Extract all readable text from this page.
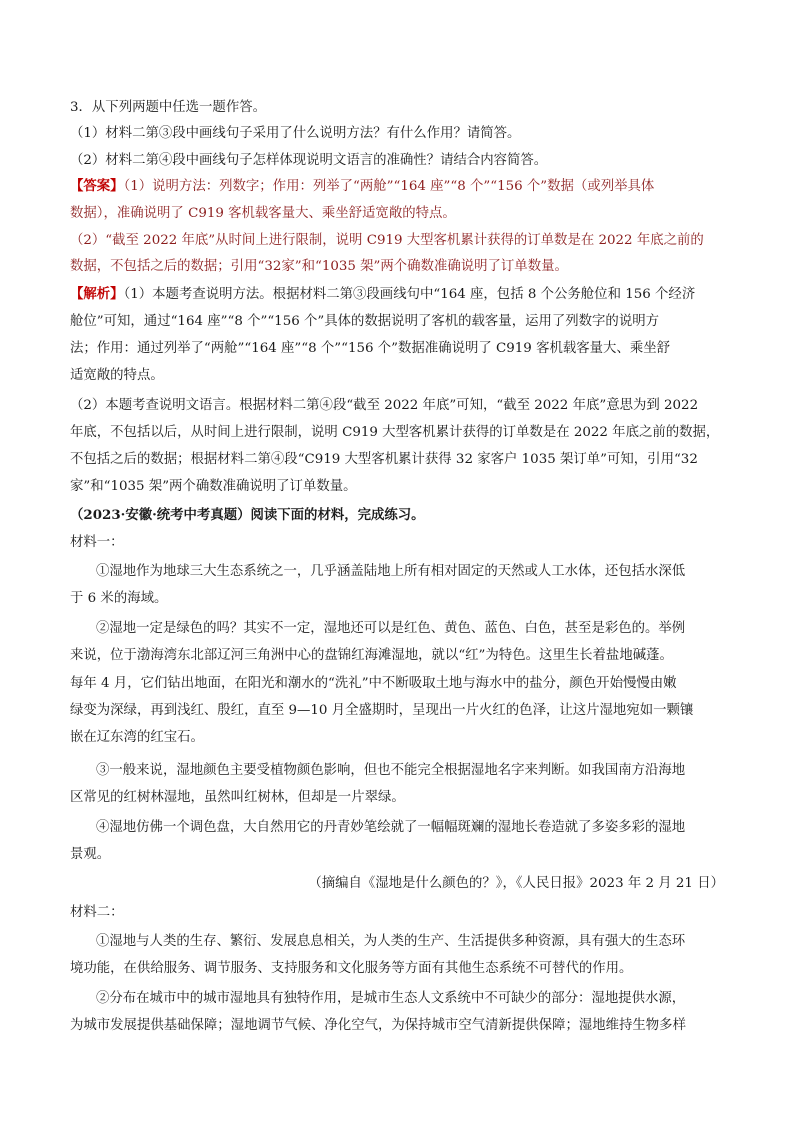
3．从下列两题中任选一题作答。

（1）材料二第③段中画线句子采用了什么说明方法？有什么作用？请简答。

（2）材料二第④段中画线句子怎样体现说明文语言的准确性？请结合内容简答。

【答案】（1）说明方法：列数字；作用：列举了“两舱”“164 座”“8 个”“156 个”数据（或列举具体

数据），准确说明了 C919 客机载客量大、乘坐舒适宽敞的特点。

（2）“截至 2022 年底”从时间上进行限制，说明 C919 大型客机累计获得的订单数是在 2022 年底之前的

数据，不包括之后的数据；引用“32家”和“1035 架”两个确数准确说明了订单数量。

【解析】（1）本题考查说明方法。根据材料二第③段画线句中“164 座，包括 8 个公务舱位和 156 个经济

舱位”可知，通过“164 座”“8 个”“156 个”具体的数据说明了客机的载客量，运用了列数字的说明方

法；作用：通过列举了“两舱”“164 座”“8 个”“156 个”数据准确说明了 C919 客机载客量大、乘坐舒

适宽敞的特点。

（2）本题考查说明文语言。根据材料二第④段“截至 2022 年底”可知，“截至 2022 年底”意思为到 2022

年底，不包括以后，从时间上进行限制，说明 C919 大型客机累计获得的订单数是在 2022 年底之前的数据，

不包括之后的数据；根据材料二第④段“C919 大型客机累计获得 32 家客户 1035 架订单”可知，引用“32

家”和“1035 架”两个确数准确说明了订单数量。

（2023·安徽·统考中考真题）阅读下面的材料，完成练习。

材料一：

①湿地作为地球三大生态系统之一，几乎涵盖陆地上所有相对固定的天然或人工水体，还包括水深低

于 6 米的海域。

②湿地一定是绿色的吗？其实不一定，湿地还可以是红色、黄色、蓝色、白色，甚至是彩色的。举例

来说，位于渤海湾东北部辽河三角洲中心的盘锦红海滩湿地，就以“红”为特色。这里生长着盐地碱蓬。

每年 4 月，它们钻出地面，在阳光和潮水的“洗礼”中不断吸取土地与海水中的盐分，颜色开始慢慢由嫩

绿变为深绿，再到浅红、殷红，直至 9—10 月全盛期时，呈现出一片火红的色泽，让这片湿地宛如一颗镶

嵌在辽东湾的红宝石。

③一般来说，湿地颜色主要受植物颜色影响，但也不能完全根据湿地名字来判断。如我国南方沿海地

区常见的红树林湿地，虽然叫红树林，但却是一片翠绿。

④湿地仿佛一个调色盘，大自然用它的丹青妙笔绘就了一幅幅斑斓的湿地长卷造就了多姿多彩的湿地

景观。

（摘编自《湿地是什么颜色的？》，《人民日报》2023 年 2 月 21 日）

材料二：

①湿地与人类的生存、繁衍、发展息息相关，为人类的生产、生活提供多种资源，具有强大的生态环

境功能，在供给服务、调节服务、支持服务和文化服务等方面有其他生态系统不可替代的作用。

②分布在城市中的城市湿地具有独特作用，是城市生态人文系统中不可缺少的部分：湿地提供水源，

为城市发展提供基础保障；湿地调节气候、净化空气，为保持城市空气清新提供保障；湿地维持生物多样
